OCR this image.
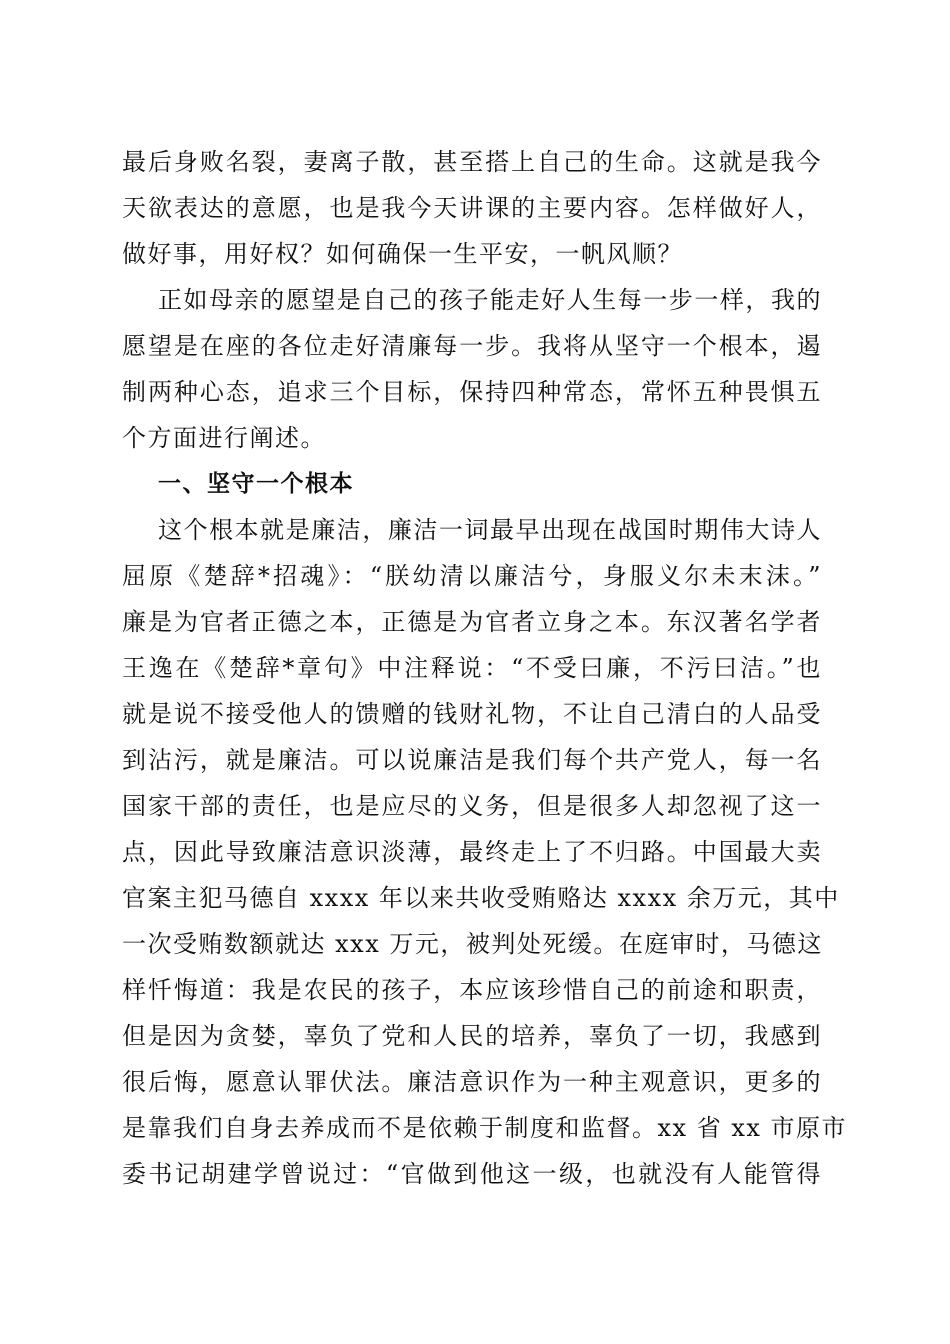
最后身败名裂，妻离子散，甚至搭上自己的生命。这就是我今
天欲表达的意愿，也是我今天讲课的主要内容。怎样做好人，
做好事，用好权？如何确保一生平安，一帆风顺？
正如母亲的愿望是自己的孩子能走好人生每一步一样，我的
愿望是在座的各位走好清廉每一步。我将从坚守一个根本，遏
制两种心态，追求三个目标，保持四种常态，常怀五种畏惧五
个方面进行阐述。
一、坚守一个根本
这个根本就是廉洁，廉洁一词最早出现在战国时期伟大诗人
屈原《楚辞*招魂》：“朕幼清以廉洁兮，身服义尔未末沫。”
廉是为官者正德之本，正德是为官者立身之本。东汉著名学者
王逸在《楚辞*章句》中注释说：“不受曰廉，不污曰洁。”也
就是说不接受他人的馈赠的钱财礼物，不让自己清白的人品受
到沾污，就是廉洁。可以说廉洁是我们每个共产党人，每一名
国家干部的责任，也是应尽的义务，但是很多人却忽视了这一
点，因此导致廉洁意识淡薄，最终走上了不归路。中国最大卖
官案主犯马德自 xxxx 年以来共收受贿赂达 xxxx 余万元，其中
一次受贿数额就达 xxx 万元，被判处死缓。在庭审时，马德这
样忏悔道：我是农民的孩子，本应该珍惜自己的前途和职责，
但是因为贪婪，辜负了党和人民的培养，辜负了一切，我感到
很后悔，愿意认罪伏法。廉洁意识作为一种主观意识，更多的
是靠我们自身去养成而不是依赖于制度和监督。xx 省 xx 市原市
委书记胡建学曾说过：“官做到他这一级，也就没有人能管得
